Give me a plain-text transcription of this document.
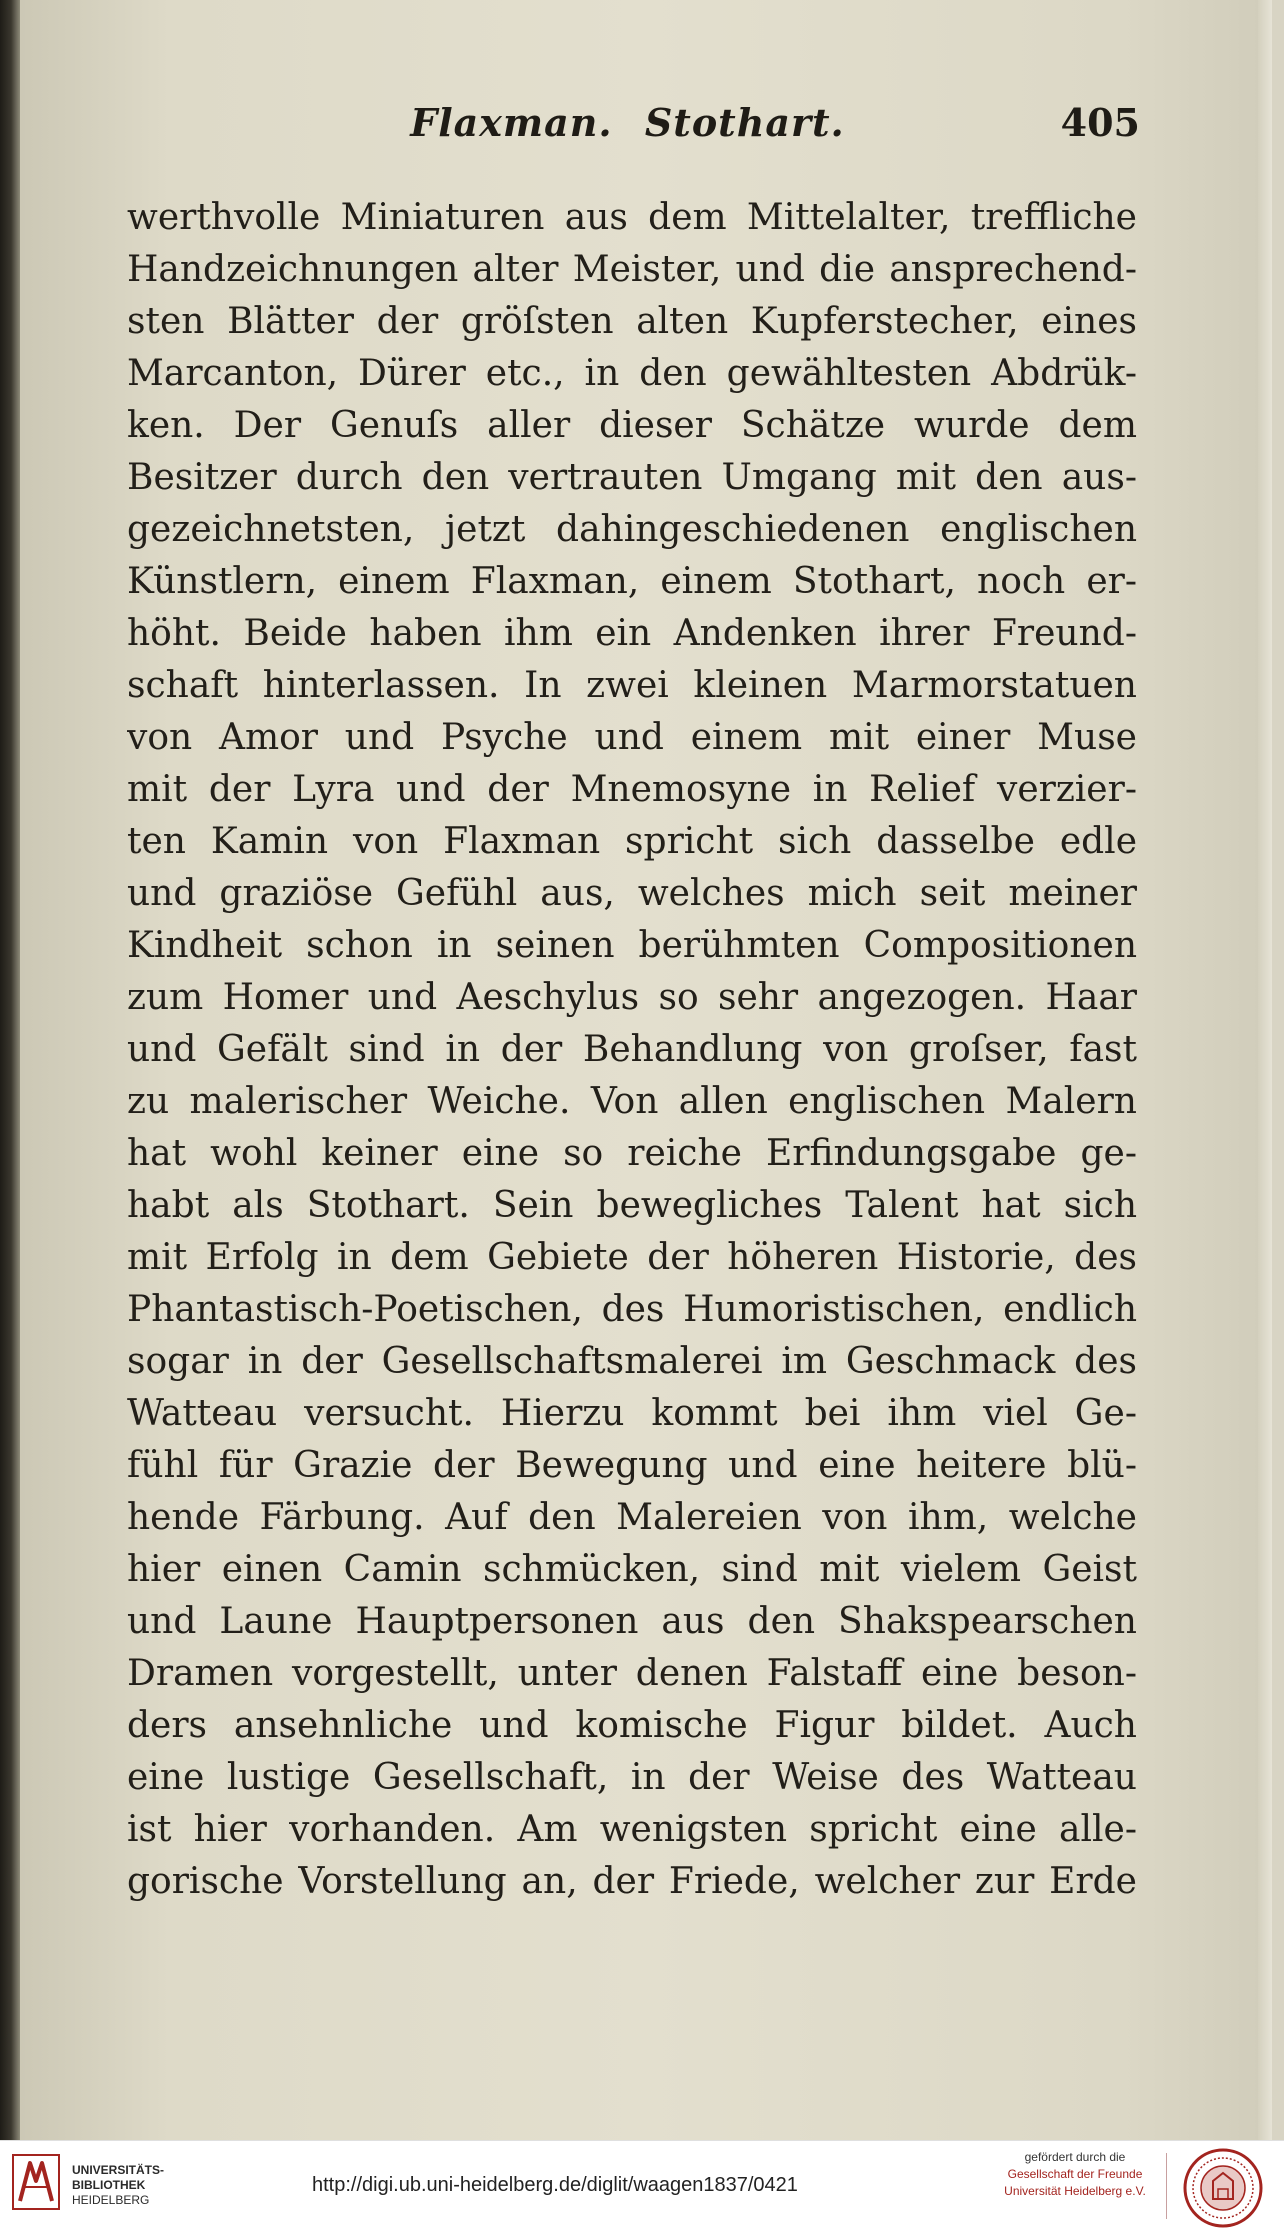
Flaxman. Stothart.	405
werthvolle Miniaturen aus dem Mittelalter, treffliche
Handzeichnungen alter Meister, und die ansprechend-
sten Blätter der gröſsten alten Kupferstecher, eines
Marcanton, Dürer etc., in den gewähltesten Abdrük-
ken. Der Genuſs aller dieser Schätze wurde dem
Besitzer durch den vertrauten Umgang mit den aus-
gezeichnetsten, jetzt dahingeschiedenen englischen
Künstlern, einem Flaxman, einem Stothart, noch er-
höht. Beide haben ihm ein Andenken ihrer Freund-
schaft hinterlassen. In zwei kleinen Marmorstatuen
von Amor und Psyche und einem mit einer Muse
mit der Lyra und der Mnemosyne in Relief verzier-
ten Kamin von Flaxman spricht sich dasselbe edle
und graziöse Gefühl aus, welches mich seit meiner
Kindheit schon in seinen berühmten Compositionen
zum Homer und Aeschylus so sehr angezogen. Haar
und Gefält sind in der Behandlung von groſser, fast
zu malerischer Weiche. Von allen englischen Malern
hat wohl keiner eine so reiche Erfindungsgabe ge-
habt als Stothart. Sein bewegliches Talent hat sich
mit Erfolg in dem Gebiete der höheren Historie, des
Phantastisch-Poetischen, des Humoristischen, endlich
sogar in der Gesellschaftsmalerei im Geschmack des
Watteau versucht. Hierzu kommt bei ihm viel Ge-
fühl für Grazie der Bewegung und eine heitere blü-
hende Färbung. Auf den Malereien von ihm, welche
hier einen Camin schmücken, sind mit vielem Geist
und Laune Hauptpersonen aus den Shakspearschen
Dramen vorgestellt, unter denen Falstaff eine beson-
ders ansehnliche und komische Figur bildet. Auch
eine lustige Gesellschaft, in der Weise des Watteau
ist hier vorhanden. Am wenigsten spricht eine alle-
gorische Vorstellung an, der Friede, welcher zur Erde
UNIVERSITÄTS-
BIBLIOTHEK
HEIDELBERG
http://digi.ub.uni-heidelberg.de/diglit/waagen1837/0421
gefördert durch die
Gesellschaft der Freunde
Universität Heidelberg e.V.
